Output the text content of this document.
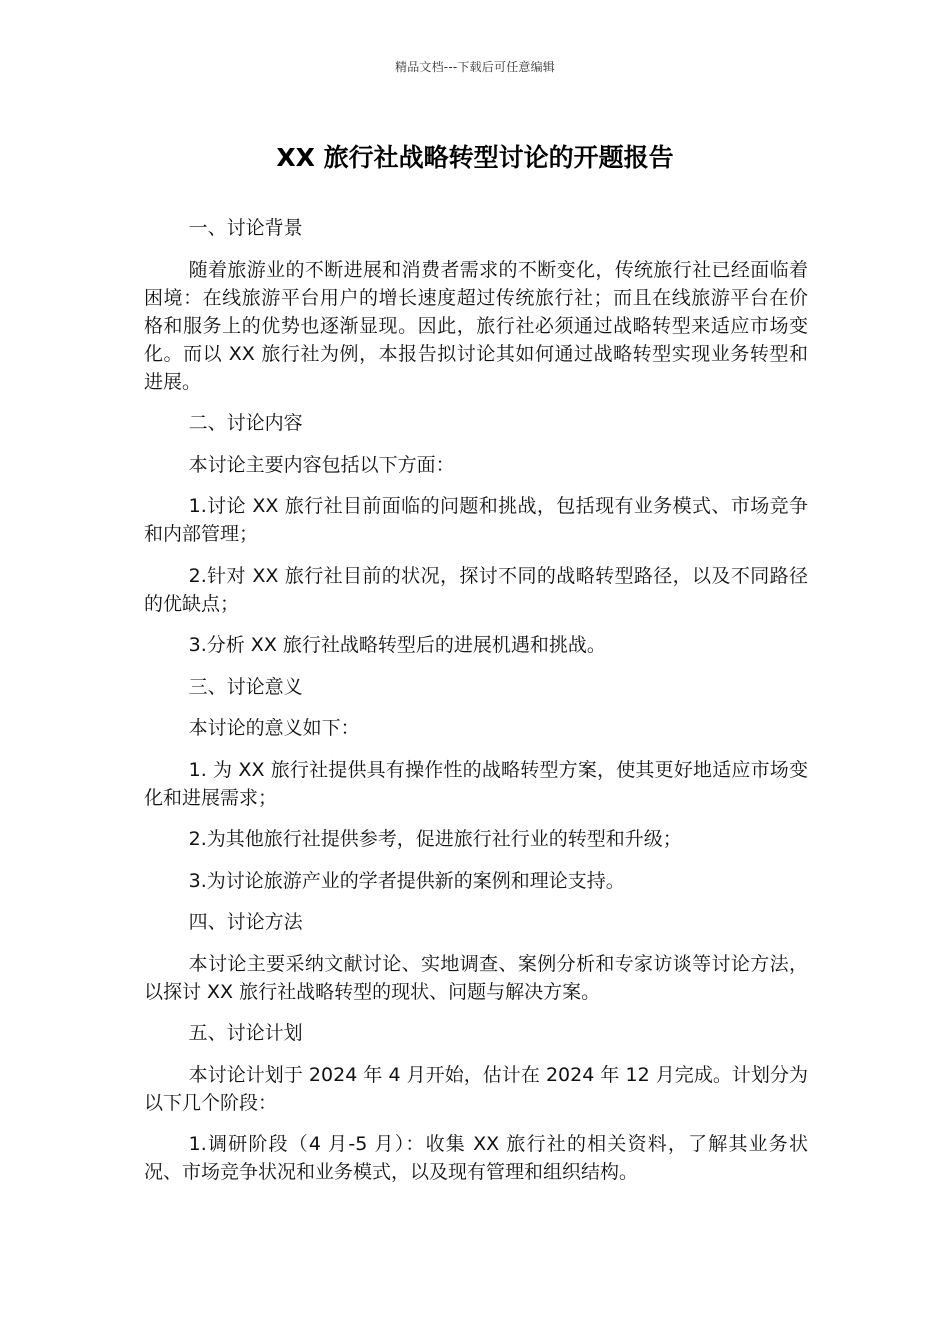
精品文档---下载后可任意编辑
XX 旅行社战略转型讨论的开题报告

一、讨论背景

随着旅游业的不断进展和消费者需求的不断变化，传统旅行社已经面临着困境：在线旅游平台用户的增长速度超过传统旅行社；而且在线旅游平台在价格和服务上的优势也逐渐显现。因此，旅行社必须通过战略转型来适应市场变化。而以 XX 旅行社为例，本报告拟讨论其如何通过战略转型实现业务转型和进展。

二、讨论内容

本讨论主要内容包括以下方面：

1.讨论 XX 旅行社目前面临的问题和挑战，包括现有业务模式、市场竞争和内部管理；

2.针对 XX 旅行社目前的状况，探讨不同的战略转型路径，以及不同路径的优缺点；

3.分析 XX 旅行社战略转型后的进展机遇和挑战。

三、讨论意义

本讨论的意义如下：

1. 为 XX 旅行社提供具有操作性的战略转型方案，使其更好地适应市场变化和进展需求；

2.为其他旅行社提供参考，促进旅行社行业的转型和升级；

3.为讨论旅游产业的学者提供新的案例和理论支持。

四、讨论方法

本讨论主要采纳文献讨论、实地调查、案例分析和专家访谈等讨论方法，以探讨 XX 旅行社战略转型的现状、问题与解决方案。

五、讨论计划

本讨论计划于 2024 年 4 月开始，估计在 2024 年 12 月完成。计划分为以下几个阶段：

1.调研阶段（4 月-5 月）：收集 XX 旅行社的相关资料，了解其业务状况、市场竞争状况和业务模式，以及现有管理和组织结构。
